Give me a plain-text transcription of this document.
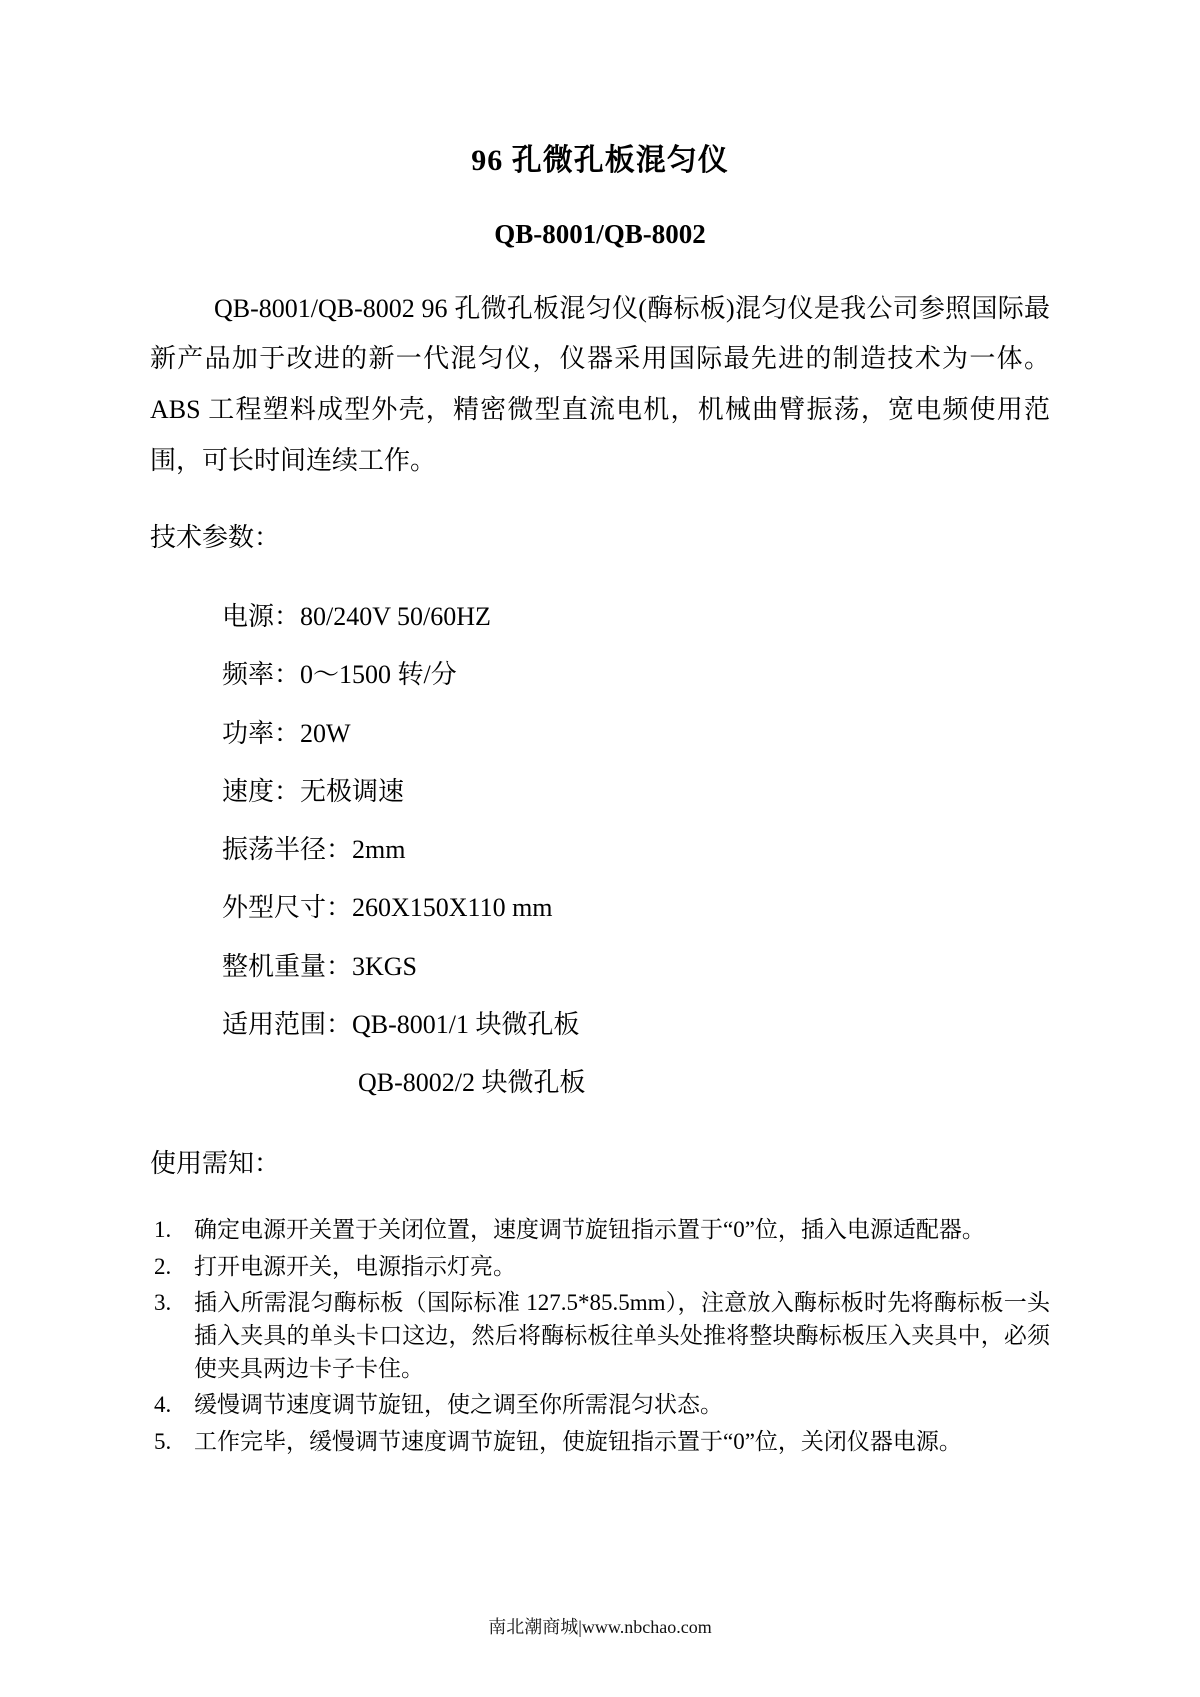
96 孔微孔板混匀仪
QB-8001/QB-8002

QB-8001/QB-8002 96 孔微孔板混匀仪(酶标板)混匀仪是我公司参照国际最新产品加于改进的新一代混匀仪，仪器采用国际最先进的制造技术为一体。ABS 工程塑料成型外壳，精密微型直流电机，机械曲臂振荡，宽电频使用范围，可长时间连续工作。

技术参数：

电源：80/240V 50/60HZ
频率：0～1500 转/分
功率：20W
速度：无极调速
振荡半径：2mm
外型尺寸：260X150X110 mm
整机重量：3KGS
适用范围：QB-8001/1 块微孔板
QB-8002/2 块微孔板

使用需知：

确定电源开关置于关闭位置，速度调节旋钮指示置于“0”位，插入电源适配器。
打开电源开关，电源指示灯亮。
插入所需混匀酶标板（国际标准 127.5*85.5mm），注意放入酶标板时先将酶标板一头插入夹具的单头卡口这边，然后将酶标板往单头处推将整块酶标板压入夹具中，必须使夹具两边卡子卡住。
缓慢调节速度调节旋钮，使之调至你所需混匀状态。
工作完毕，缓慢调节速度调节旋钮，使旋钮指示置于“0”位，关闭仪器电源。
南北潮商城|www.nbchao.com
